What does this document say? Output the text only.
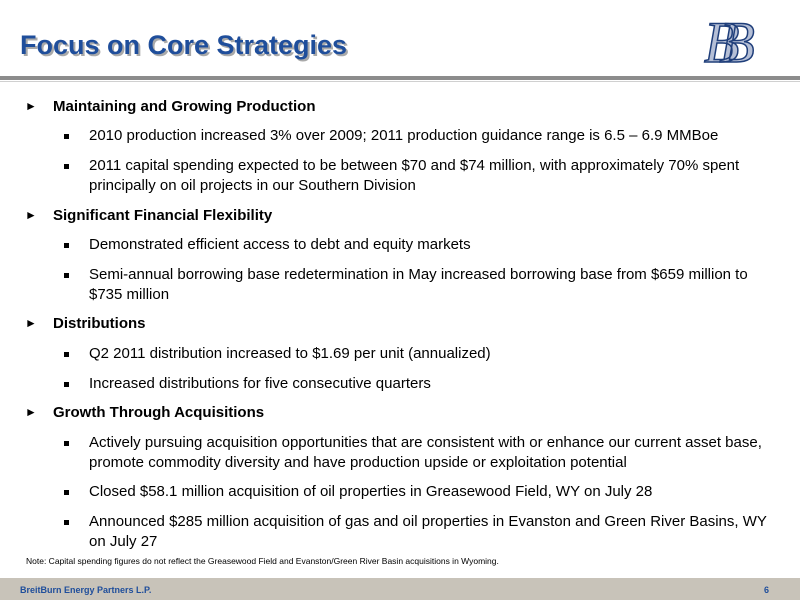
Focus on Core Strategies	BB
► Maintaining and Growing Production
2010 production increased 3% over 2009; 2011 production guidance range is 6.5 – 6.9 MMBoe
2011 capital spending expected to be between $70 and $74 million, with approximately 70% spent principally on oil projects in our Southern Division
► Significant Financial Flexibility
Demonstrated efficient access to debt and equity markets
Semi-annual borrowing base redetermination in May increased borrowing base from $659 million to $735 million
► Distributions
Q2 2011 distribution increased to $1.69 per unit (annualized)
Increased distributions for five consecutive quarters
► Growth Through Acquisitions
Actively pursuing acquisition opportunities that are consistent with or enhance our current asset base, promote commodity diversity and have production upside or exploitation potential
Closed $58.1 million acquisition of oil properties in Greasewood Field, WY on July 28
Announced $285 million acquisition of gas and oil properties in Evanston and Green River Basins, WY on July 27
Note: Capital spending figures do not reflect the Greasewood Field and Evanston/Green River Basin acquisitions in Wyoming.
BreitBurn Energy Partners L.P.	6
